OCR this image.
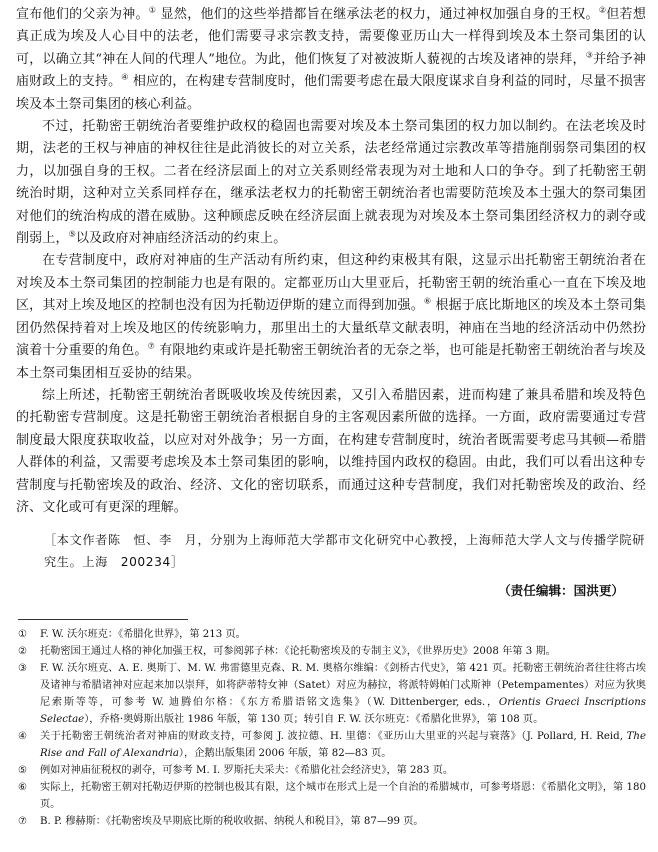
宣布他们的父亲为神。① 显然，他们的这些举措都旨在继承法老的权力，通过神权加强自身的王权。②但若想真正成为埃及人心目中的法老，他们需要寻求宗教支持，需要像亚历山大一样得到埃及本土祭司集团的认可，以确立其“神在人间的代理人”地位。为此，他们恢复了对被波斯人藐视的古埃及诸神的崇拜，③并给予神庙财政上的支持。④ 相应的，在构建专营制度时，他们需要考虑在最大限度谋求自身利益的同时，尽量不损害埃及本土祭司集团的核心利益。

不过，托勒密王朝统治者要维护政权的稳固也需要对埃及本土祭司集团的权力加以制约。在法老埃及时期，法老的王权与神庙的神权往往是此消彼长的对立关系，法老经常通过宗教改革等措施削弱祭司集团的权力，以加强自身的王权。二者在经济层面上的对立关系则经常表现为对土地和人口的争夺。到了托勒密王朝统治时期，这种对立关系同样存在，继承法老权力的托勒密王朝统治者也需要防范埃及本土强大的祭司集团对他们的统治构成的潜在威胁。这种顾虑反映在经济层面上就表现为对埃及本土祭司集团经济权力的剥夺或削弱上，⑤以及政府对神庙经济活动的约束上。

在专营制度中，政府对神庙的生产活动有所约束，但这种约束极其有限，这显示出托勒密王朝统治者在对埃及本土祭司集团的控制能力也是有限的。定都亚历山大里亚后，托勒密王朝的统治重心一直在下埃及地区，其对上埃及地区的控制也没有因为托勒迈伊斯的建立而得到加强。⑥ 根据于底比斯地区的埃及本土祭司集团仍然保持着对上埃及地区的传统影响力，那里出土的大量纸草文献表明，神庙在当地的经济活动中仍然扮演着十分重要的角色。⑦ 有限地约束或许是托勒密王朝统治者的无奈之举，也可能是托勒密王朝统治者与埃及本土祭司集团相互妥协的结果。

综上所述，托勒密王朝统治者既吸收埃及传统因素，又引入希腊因素，进而构建了兼具希腊和埃及特色的托勒密专营制度。这是托勒密王朝统治者根据自身的主客观因素所做的选择。一方面，政府需要通过专营制度最大限度获取收益，以应对对外战争；另一方面，在构建专营制度时，统治者既需要考虑马其顿—希腊人群体的利益，又需要考虑埃及本土祭司集团的影响，以维持国内政权的稳固。由此，我们可以看出这种专营制度与托勒密埃及的政治、经济、文化的密切联系，而通过这种专营制度，我们对托勒密埃及的政治、经济、文化或可有更深的理解。

［本文作者陈　恒、李　月，分别为上海师范大学都市文化研究中心教授，上海师范大学人文与传播学院研究生。上海　200234］
（责任编辑：国洪更）
①	F. W. 沃尔班克：《希腊化世界》，第 213 页。
②	托勒密国王通过人格的神化加强王权，可参阅郭子林：《论托勒密埃及的专制主义》，《世界历史》2008 年第 3 期。
③	F. W. 沃尔班克、A. E. 奥斯丁、M. W. 弗雷德里克森、R. M. 奥格尔维编：《剑桥古代史》，第 421 页。托勒密王朝统治者往往将古埃及诸神与希腊诸神对应起来加以崇拜，如将萨蒂特女神（Satet）对应为赫拉，将派特姆帕门忒斯神（Petempamentes）对应为狄奥尼索斯等等，可参考 W. 迪腾伯尔格：《东方希腊语铭文选集》（W. Dittenberger, eds.，Orientis Graeci Inscriptions Selectae），乔格·奥姆斯出版社 1986 年版，第 130 页；转引自 F. W. 沃尔班克：《希腊化世界》，第 108 页。
④	关于托勒密王朝统治者对神庙的财政支持，可参阅 J. 波拉德、H. 里德：《亚历山大里亚的兴起与衰落》（J. Pollard, H. Reid, The Rise and Fall of Alexandria），企鹅出版集团 2006 年版，第 82—83 页。
⑤	例如对神庙征税权的剥夺，可参考 M. I. 罗斯托夫采夫：《希腊化社会经济史》，第 283 页。
⑥	实际上，托勒密王朝对托勒迈伊斯的控制也极其有限，这个城市在形式上是一个自治的希腊城市，可参考塔恩：《希腊化文明》，第 180 页。
⑦	B. P. 穆赫斯：《托勒密埃及早期底比斯的税收收据、纳税人和税目》，第 87—99 页。
